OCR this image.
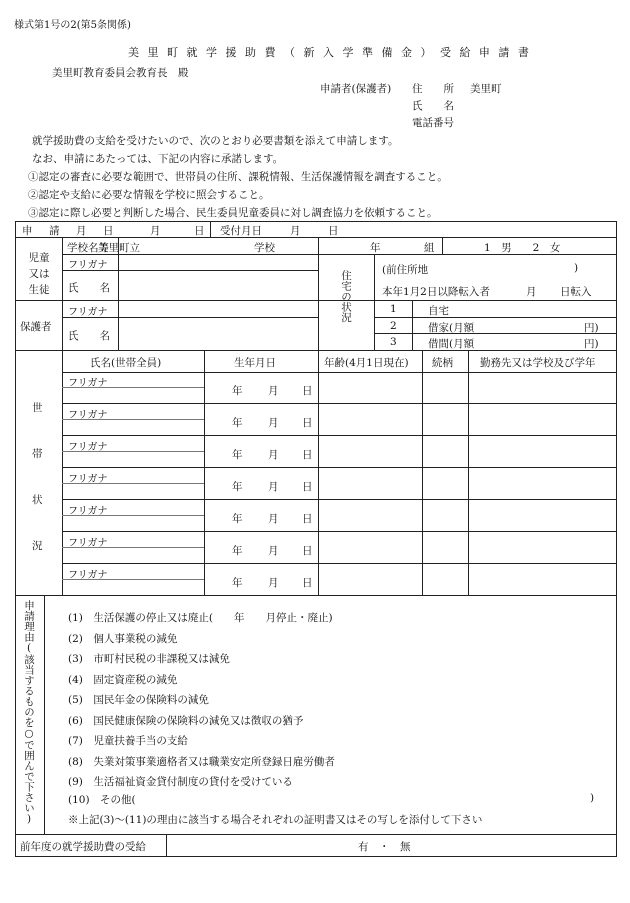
様式第1号の2(第5条関係)
美 里 町 就 学 援 助 費 （ 新 入 学 準 備 金 ） 受 給 申 請 書
美里町教育委員会教育長　殿
申請者(保護者) 住　　所 美里町
氏　　名
電話番号
就学援助費の支給を受けたいので、次のとおり必要書類を添えて申請します。
なお、申請にあたっては、下記の内容に承諾します。
①認定の審査に必要な範囲で、世帯員の住所、課税情報、生活保護情報を調査すること。
②認定や支給に必要な情報を学校に照会すること。
③認定に際し必要と判断した場合、民生委員児童委員に対し調査協力を依頼すること。
申　請　月　日	月	日 受付月日	月	日
児童又は生徒
学校名等
美里町立	学校	年	組	1　男　　2　女
フリガナ
氏　　名
保護者
フリガナ
氏　　名
住宅の状況	(前住所地	)
本年1月2日以降転入者	月 日転入

1	自宅
2	借家(月額	円)
3	借間(月額	円)
世
帯
状
況
氏名(世帯全員)	生年月日	年齢(4月1日現在) 続柄	勤務先又は学校及び学年
フリガナ
年 月 日
フリガナ
年 月 日
フリガナ
年 月 日
フリガナ
年 月 日
フリガナ
年 月 日
フリガナ
年 月 日
フリガナ
年 月 日
申請理由(該当するものを○で囲んで下さい)	(1)　生活保護の停止又は廃止(　　年　　月停止・廃止)
(2)　個人事業税の減免
(3)　市町村民税の非課税又は減免
(4)　固定資産税の減免
(5)　国民年金の保険料の減免
(6)　国民健康保険の保険料の減免又は徴収の猶予
(7)　児童扶養手当の支給
(8)　失業対策事業適格者又は職業安定所登録日雇労働者
(9)　生活福祉資金貸付制度の貸付を受けている
(10)　その他(	)
前年度の就学援助費の受給	有　・　無
※上記(3)～(11)の理由に該当する場合それぞれの証明書又はその写しを添付して下さい
